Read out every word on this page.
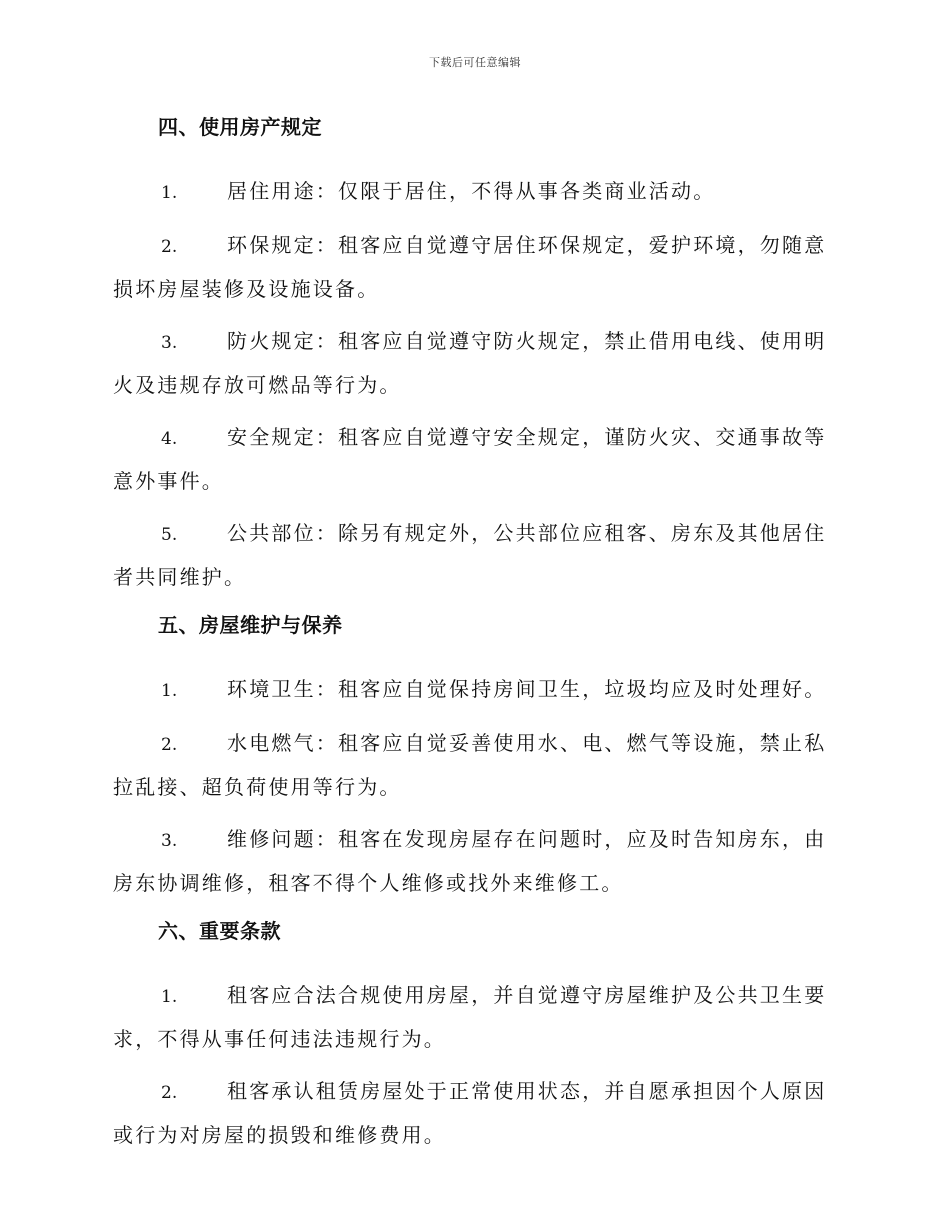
下载后可任意编辑
四、使用房产规定

1. 居住用途：仅限于居住，不得从事各类商业活动。

2. 环保规定：租客应自觉遵守居住环保规定，爱护环境，勿随意损坏房屋装修及设施设备。

3. 防火规定：租客应自觉遵守防火规定，禁止借用电线、使用明火及违规存放可燃品等行为。

4. 安全规定：租客应自觉遵守安全规定，谨防火灾、交通事故等意外事件。

5. 公共部位：除另有规定外，公共部位应租客、房东及其他居住者共同维护。

五、房屋维护与保养

1. 环境卫生：租客应自觉保持房间卫生，垃圾均应及时处理好。

2. 水电燃气：租客应自觉妥善使用水、电、燃气等设施，禁止私拉乱接、超负荷使用等行为。

3. 维修问题：租客在发现房屋存在问题时，应及时告知房东，由房东协调维修，租客不得个人维修或找外来维修工。

六、重要条款

1. 租客应合法合规使用房屋，并自觉遵守房屋维护及公共卫生要求，不得从事任何违法违规行为。

2. 租客承认租赁房屋处于正常使用状态，并自愿承担因个人原因或行为对房屋的损毁和维修费用。
